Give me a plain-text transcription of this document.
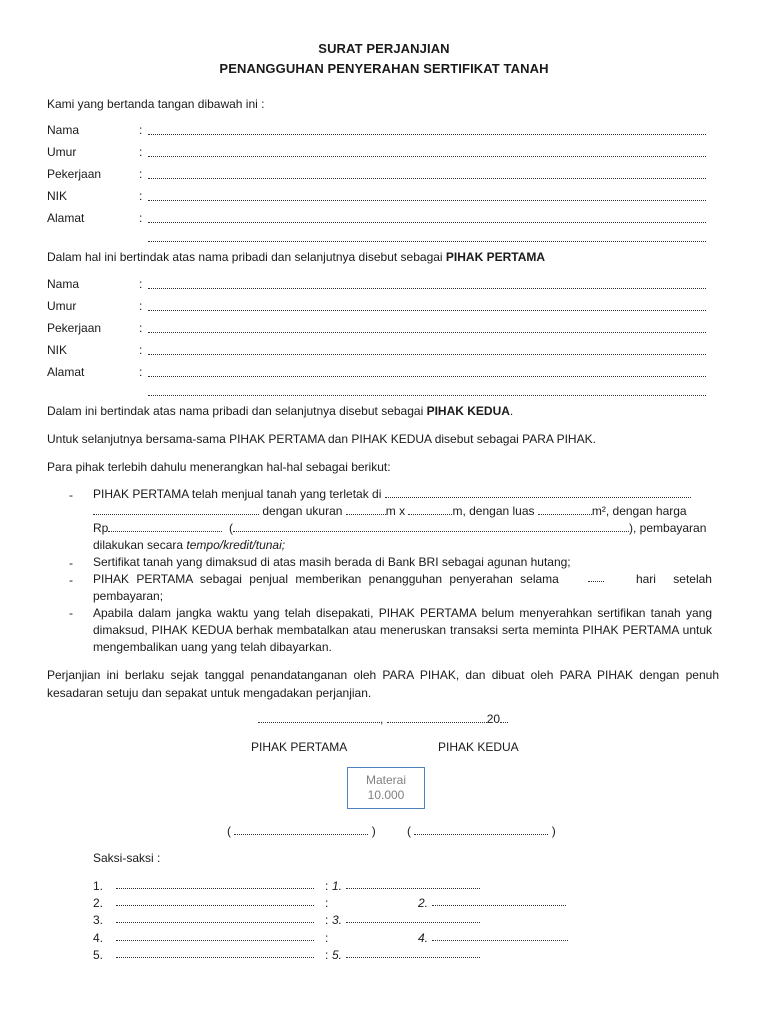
SURAT PERJANJIAN
PENANGGUHAN PENYERAHAN SERTIFIKAT TANAH
Kami yang bertanda tangan dibawah ini :
Nama	:
Umur	:
Pekerjaan	:
NIK	:
Alamat	:
Dalam hal ini bertindak atas nama pribadi dan selanjutnya disebut sebagai PIHAK PERTAMA
Nama	:
Umur	:
Pekerjaan	:
NIK	:
Alamat	:
Dalam ini bertindak atas nama pribadi dan selanjutnya disebut sebagai PIHAK KEDUA.
Untuk selanjutnya bersama-sama PIHAK PERTAMA dan PIHAK KEDUA disebut sebagai PARA PIHAK.
Para pihak terlebih dahulu menerangkan hal-hal sebagai berikut:
- PIHAK PERTAMA telah menjual tanah yang terletak di
dengan ukuran	m x	m, dengan luas	m², dengan harga
Rp	(	), pembayaran
dilakukan secara tempo/kredit/tunai;
- Sertifikat tanah yang dimaksud di atas masih berada di Bank BRI sebagai agunan hutang;
- PIHAK PERTAMA sebagai penjual memberikan penangguhan penyerahan selama	hari setelah
pembayaran;
- Apabila dalam jangka waktu yang telah disepakati, PIHAK PERTAMA belum menyerahkan sertifikan tanah yang dimaksud, PIHAK KEDUA berhak membatalkan atau meneruskan transaksi serta meminta PIHAK PERTAMA untuk mengembalikan uang yang telah dibayarkan.
Perjanjian ini berlaku sejak tanggal penandatanganan oleh PARA PIHAK, dan dibuat oleh PARA PIHAK dengan penuh kesadaran setuju dan sepakat untuk mengadakan perjanjian.
,	20
PIHAK PERTAMA	PIHAK KEDUA
Materai
10.000
(	)	(	)
Saksi-saksi :
1.	: 1.
2.	:	2.
3.	: 3.
4.	:	4.
5.	: 5.
